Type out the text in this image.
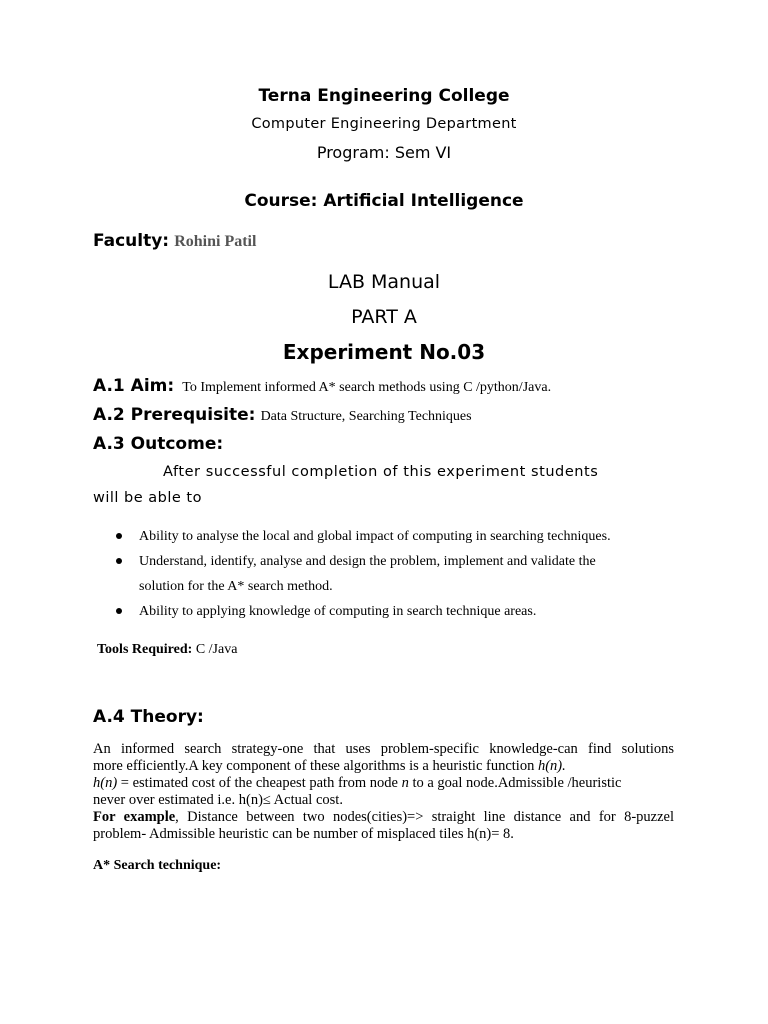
Terna Engineering College
Computer Engineering Department
Program: Sem VI
Course: Artificial Intelligence
Faculty: Rohini Patil
LAB Manual
PART A
Experiment No.03
A.1 Aim: To Implement informed A* search methods using C /python/Java.
A.2 Prerequisite: Data Structure, Searching Techniques
A.3 Outcome:
After successful completion of this experiment students
will be able to
Ability to analyse the local and global impact of computing in searching techniques.
Understand, identify, analyse and design the problem, implement and validate the
solution for the A* search method.
Ability to applying knowledge of computing in search technique areas.
Tools Required: C /Java
A.4 Theory:
An informed search strategy-one that uses problem-specific knowledge-can find solutions
more efficiently.A key component of these algorithms is a heuristic function h(n).
h(n) = estimated cost of the cheapest path from node n to a goal node.Admissible /heuristic
never over estimated i.e. h(n)≤ Actual cost.
For example, Distance between two nodes(cities)=> straight line distance and for 8-puzzel
problem- Admissible heuristic can be number of misplaced tiles h(n)= 8.
A* Search technique:
